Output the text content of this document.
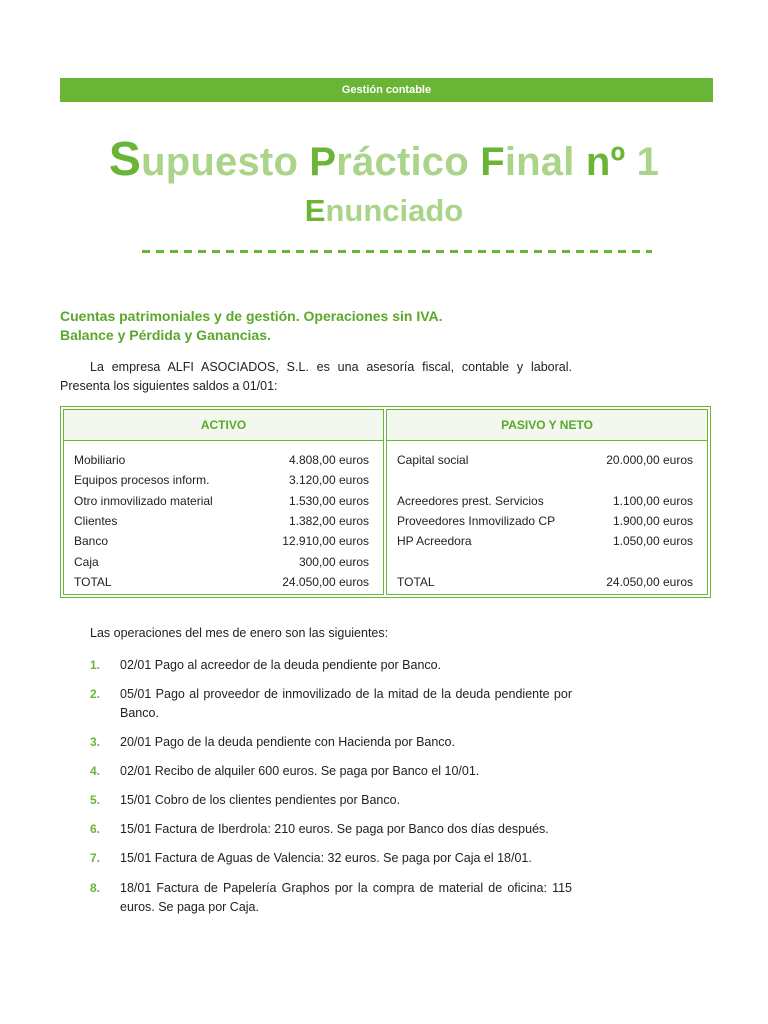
Gestión contable
Supuesto Práctico Final nº 1
Enunciado
Cuentas patrimoniales y de gestión. Operaciones sin IVA.
Balance y Pérdida y Ganancias.
La empresa ALFI ASOCIADOS, S.L. es una asesoría fiscal, contable y laboral. Presenta los siguientes saldos a 01/01:
ACTIVO
Mobiliario	4.808,00 euros
Equipos procesos inform.	3.120,00 euros
Otro inmovilizado material	1.530,00 euros
Clientes	1.382,00 euros
Banco	12.910,00 euros
Caja	300,00 euros
TOTAL	24.050,00 euros
PASIVO Y NETO
Capital social	20.000,00 euros
Acreedores prest. Servicios	1.100,00 euros
Proveedores Inmovilizado CP	1.900,00 euros
HP Acreedora	1.050,00 euros
TOTAL	24.050,00 euros
Las operaciones del mes de enero son las siguientes:
1.	02/01 Pago al acreedor de la deuda pendiente por Banco.
2.	05/01 Pago al proveedor de inmovilizado de la mitad de la deuda pendiente por Banco.
3.	20/01 Pago de la deuda pendiente con Hacienda por Banco.
4.	02/01 Recibo de alquiler 600 euros. Se paga por Banco el 10/01.
5.	15/01 Cobro de los clientes pendientes por Banco.
6.	15/01 Factura de Iberdrola: 210 euros. Se paga por Banco dos días después.
7.	15/01 Factura de Aguas de Valencia: 32 euros. Se paga por Caja el 18/01.
8.	18/01 Factura de Papelería Graphos por la compra de material de oficina: 115 euros. Se paga por Caja.
